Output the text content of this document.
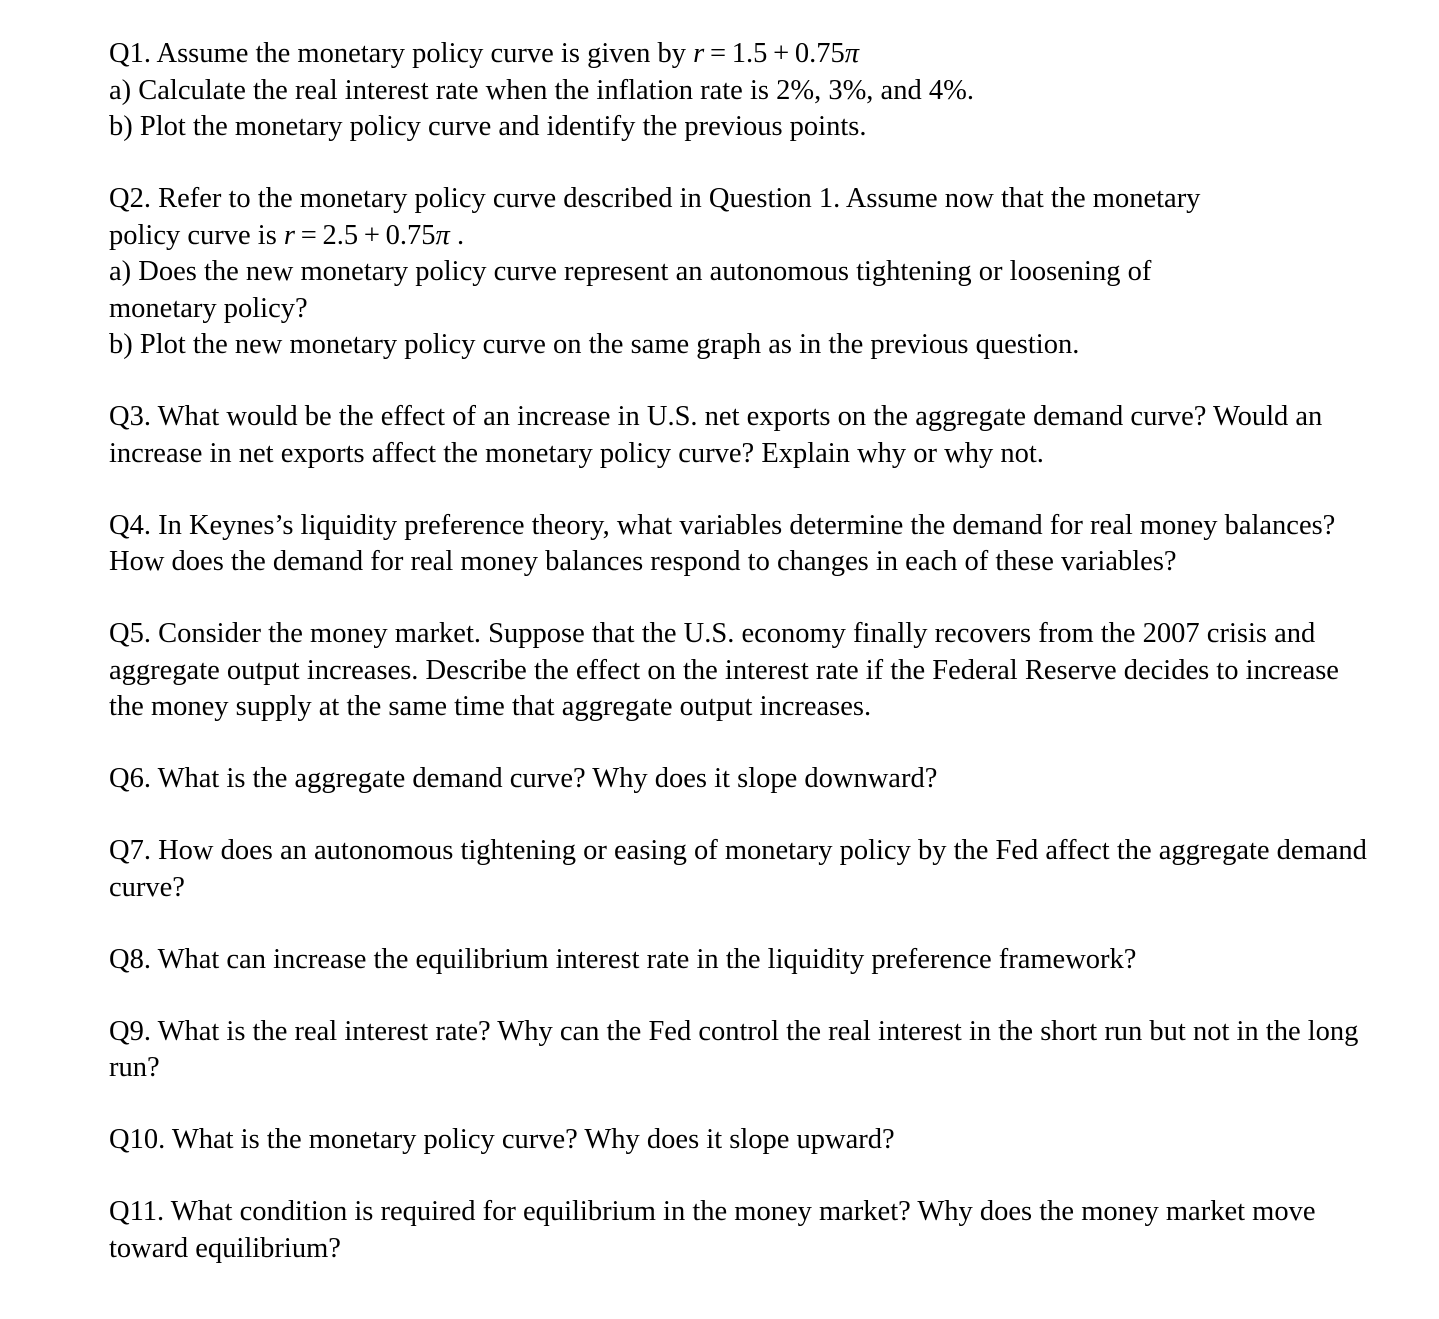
Q1. Assume the monetary policy curve is given by r  =  1.5  +  0.75π

a) Calculate the real interest rate when the inflation rate is 2%, 3%, and 4%.

b) Plot the monetary policy curve and identify the previous points.

Q2. Refer to the monetary policy curve described in Question 1. Assume now that the monetary

policy curve is r  =  2.5  +  0.75π .

a) Does the new monetary policy curve represent an autonomous tightening or loosening of

monetary policy?

b) Plot the new monetary policy curve on the same graph as in the previous question.

Q3. What would be the effect of an increase in U.S. net exports on the aggregate demand curve? Would an increase in net exports affect the monetary policy curve? Explain why or why not.

Q4. In Keynes’s liquidity preference theory, what variables determine the demand for real money balances? How does the demand for real money balances respond to changes in each of these variables?

Q5. Consider the money market. Suppose that the U.S. economy finally recovers from the 2007 crisis and aggregate output increases. Describe the effect on the interest rate if the Federal Reserve decides to increase the money supply at the same time that aggregate output increases.

Q6. What is the aggregate demand curve? Why does it slope downward?

Q7. How does an autonomous tightening or easing of monetary policy by the Fed affect the aggregate demand curve?

Q8. What can increase the equilibrium interest rate in the liquidity preference framework?

Q9. What is the real interest rate? Why can the Fed control the real interest in the short run but not in the long run?

Q10. What is the monetary policy curve? Why does it slope upward?

Q11. What condition is required for equilibrium in the money market? Why does the money market move toward equilibrium?
